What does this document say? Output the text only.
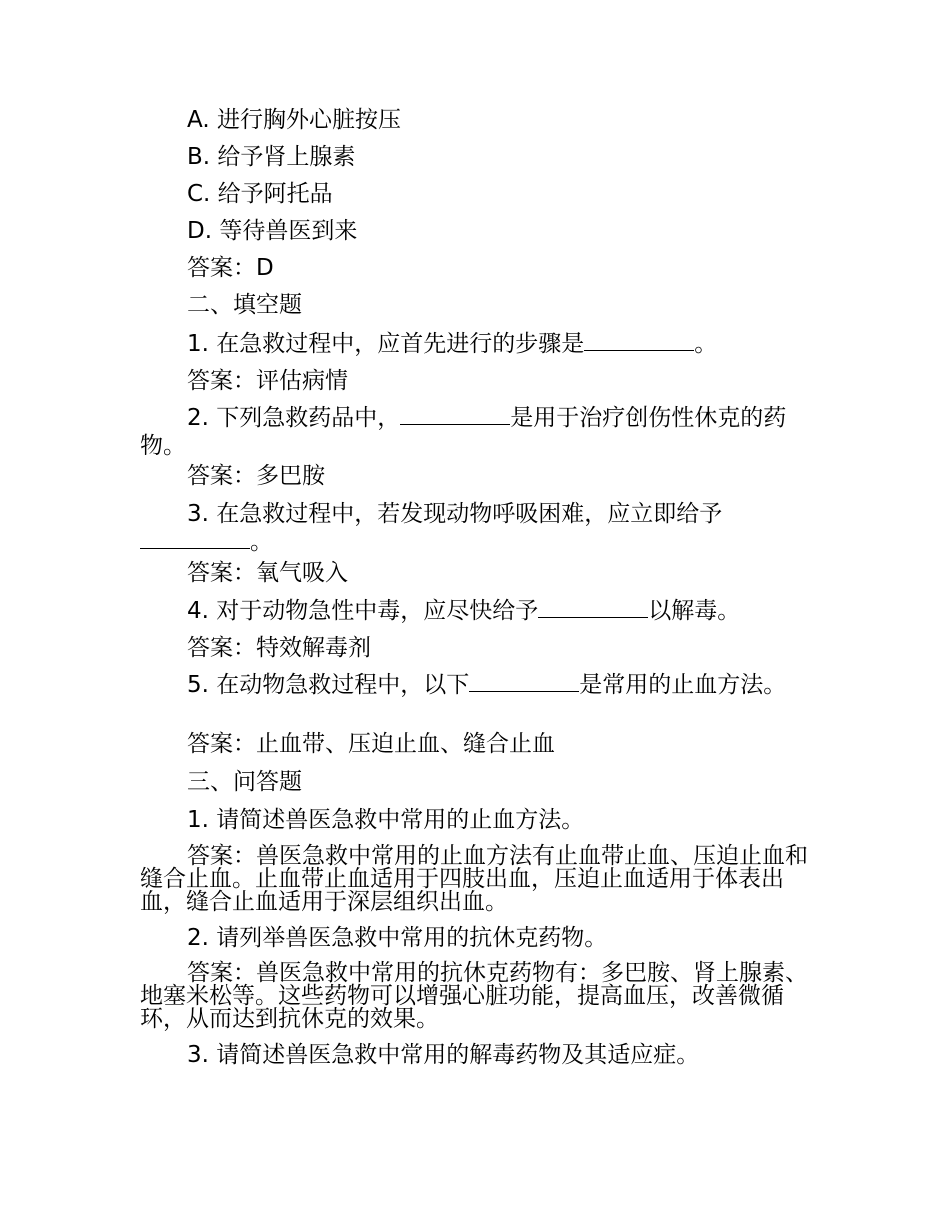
A. 进行胸外心脏按压
B. 给予肾上腺素
C. 给予阿托品
D. 等待兽医到来
答案：D
二、填空题
1. 在急救过程中，应首先进行的步骤是	。
答案：评估病情
2. 下列急救药品中，	是用于治疗创伤性休克的药物。
答案：多巴胺
3. 在急救过程中，若发现动物呼吸困难，应立即给予。
答案：氧气吸入
4. 对于动物急性中毒，应尽快给予	以解毒。
答案：特效解毒剂
5. 在动物急救过程中，以下	是常用的止血方法。
答案：止血带、压迫止血、缝合止血
三、问答题
1. 请简述兽医急救中常用的止血方法。
答案：兽医急救中常用的止血方法有止血带止血、压迫止血和缝合止血。止血带止血适用于四肢出血，压迫止血适用于体表出血，缝合止血适用于深层组织出血。
2. 请列举兽医急救中常用的抗休克药物。
答案：兽医急救中常用的抗休克药物有：多巴胺、肾上腺素、地塞米松等。这些药物可以增强心脏功能，提高血压，改善微循环，从而达到抗休克的效果。
3. 请简述兽医急救中常用的解毒药物及其适应症。
